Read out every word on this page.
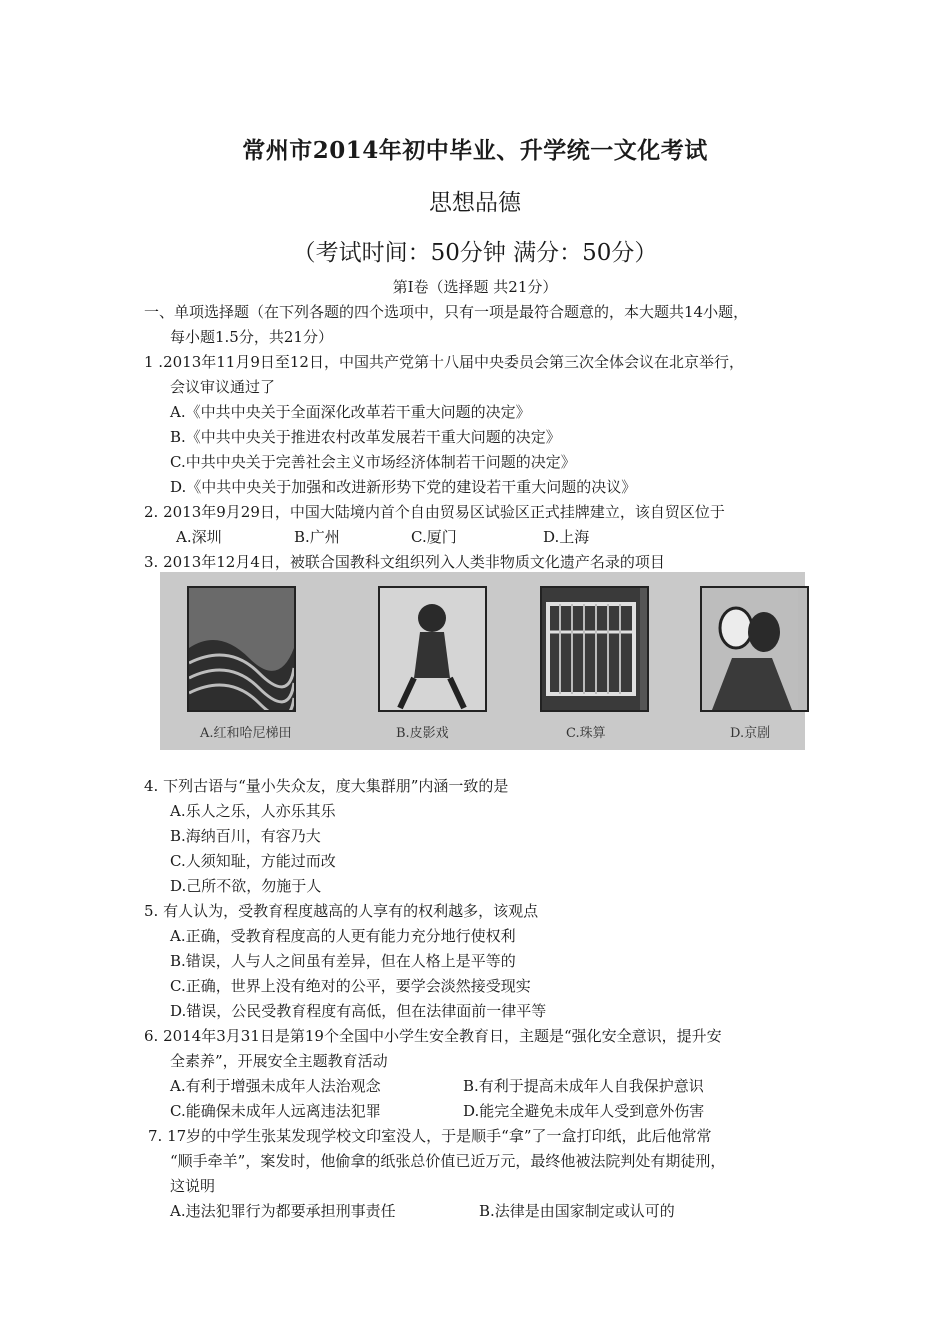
常州市2014年初中毕业、升学统一文化考试
思想品德
（考试时间：50分钟 满分：50分）
第Ⅰ卷（选择题 共21分）
一、单项选择题（在下列各题的四个选项中，只有一项是最符合题意的，本大题共14小题，
每小题1.5分，共21分）
1 .2013年11月9日至12日，中国共产党第十八届中央委员会第三次全体会议在北京举行，
会议审议通过了
A.《中共中央关于全面深化改革若干重大问题的决定》
B.《中共中央关于推进农村改革发展若干重大问题的决定》
C.中共中央关于完善社会主义市场经济体制若干问题的决定》
D.《中共中央关于加强和改进新形势下党的建设若干重大问题的决议》
2. 2013年9月29日，中国大陆境内首个自由贸易区试验区正式挂牌建立，该自贸区位于
A.深圳	B.广州	C.厦门	D.上海
3. 2013年12月4日，被联合国教科文组织列入人类非物质文化遗产名录的项目
A.红和哈尼梯田	B.皮影戏	C.珠算	D.京剧
4. 下列古语与“量小失众友，度大集群朋”内涵一致的是
A.乐人之乐，人亦乐其乐
B.海纳百川，有容乃大
C.人须知耻，方能过而改
D.己所不欲，勿施于人
5. 有人认为，受教育程度越高的人享有的权利越多，该观点
A.正确，受教育程度高的人更有能力充分地行使权利
B.错误，人与人之间虽有差异，但在人格上是平等的
C.正确，世界上没有绝对的公平，要学会淡然接受现实
D.错误，公民受教育程度有高低，但在法律面前一律平等
6. 2014年3月31日是第19个全国中小学生安全教育日，主题是“强化安全意识，提升安
全素养”，开展安全主题教育活动
A.有利于增强未成年人法治观念	B.有利于提高未成年人自我保护意识
C.能确保未成年人远离违法犯罪	D.能完全避免未成年人受到意外伤害
7. 17岁的中学生张某发现学校文印室没人，于是顺手“拿”了一盒打印纸，此后他常常
“顺手牵羊”，案发时，他偷拿的纸张总价值已近万元，最终他被法院判处有期徒刑，
这说明
A.违法犯罪行为都要承担刑事责任	B.法律是由国家制定或认可的
